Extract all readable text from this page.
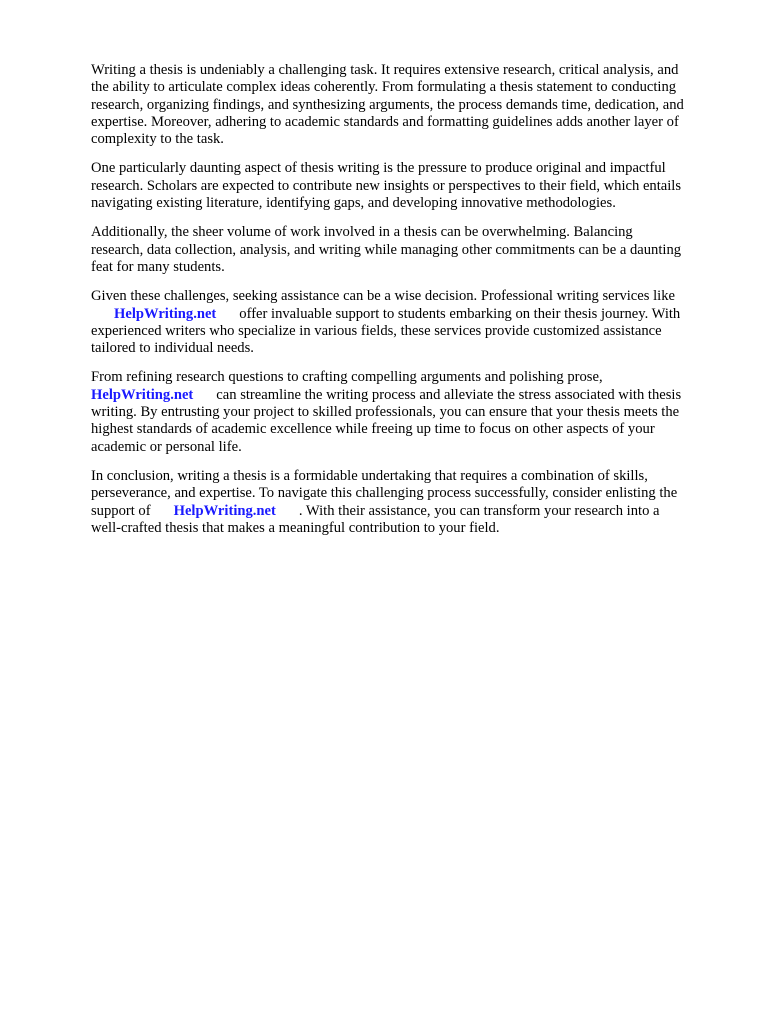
Writing a thesis is undeniably a challenging task. It requires extensive research, critical analysis, and
the ability to articulate complex ideas coherently. From formulating a thesis statement to conducting
research, organizing findings, and synthesizing arguments, the process demands time, dedication, and
expertise. Moreover, adhering to academic standards and formatting guidelines adds another layer of
complexity to the task.

One particularly daunting aspect of thesis writing is the pressure to produce original and impactful
research. Scholars are expected to contribute new insights or perspectives to their field, which entails
navigating existing literature, identifying gaps, and developing innovative methodologies.

Additionally, the sheer volume of work involved in a thesis can be overwhelming. Balancing
research, data collection, analysis, and writing while managing other commitments can be a daunting
feat for many students.

Given these challenges, seeking assistance can be a wise decision. Professional writing services like
HelpWriting.net offer invaluable support to students embarking on their thesis journey. With
experienced writers who specialize in various fields, these services provide customized assistance
tailored to individual needs.

From refining research questions to crafting compelling arguments and polishing prose,
HelpWriting.net can streamline the writing process and alleviate the stress associated with thesis
writing. By entrusting your project to skilled professionals, you can ensure that your thesis meets the
highest standards of academic excellence while freeing up time to focus on other aspects of your
academic or personal life.

In conclusion, writing a thesis is a formidable undertaking that requires a combination of skills,
perseverance, and expertise. To navigate this challenging process successfully, consider enlisting the
support of HelpWriting.net . With their assistance, you can transform your research into a
well-crafted thesis that makes a meaningful contribution to your field.
